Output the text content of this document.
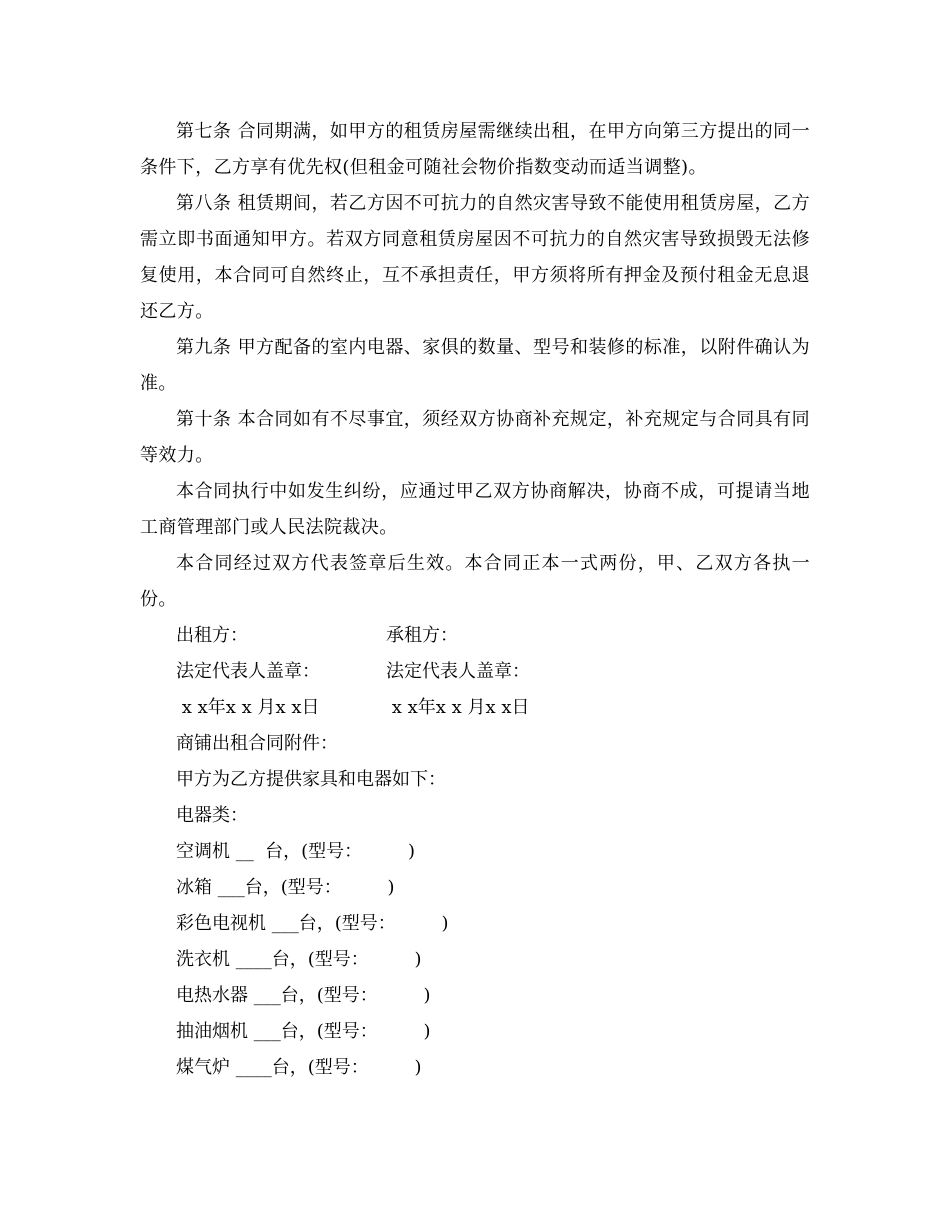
第七条 合同期满，如甲方的租赁房屋需继续出租，在甲方向第三方提出的同一条件下，乙方享有优先权(但租金可随社会物价指数变动而适当调整)。

第八条 租赁期间，若乙方因不可抗力的自然灾害导致不能使用租赁房屋，乙方需立即书面通知甲方。若双方同意租赁房屋因不可抗力的自然灾害导致损毁无法修复使用，本合同可自然终止，互不承担责任，甲方须将所有押金及预付租金无息退还乙方。

第九条 甲方配备的室内电器、家俱的数量、型号和装修的标准，以附件确认为准。

第十条 本合同如有不尽事宜，须经双方协商补充规定，补充规定与合同具有同等效力。

本合同执行中如发生纠纷，应通过甲乙双方协商解决，协商不成，可提请当地工商管理部门或人民法院裁决。

本合同经过双方代表签章后生效。本合同正本一式两份，甲、乙双方各执一份。

出租方：	承租方：
法定代表人盖章：	法定代表人盖章：
x x年x x 月x x日	x x年x x 月x x日
商铺出租合同附件：
甲方为乙方提供家具和电器如下：
电器类：
空调机 __  台，(型号：        )
冰箱 ___台，(型号：        )
彩色电视机 ___台，(型号：        )
洗衣机 ____台，(型号：        )
电热水器 ___台，(型号：        )
抽油烟机 ___台，(型号：        )
煤气炉 ____台，(型号：        )
